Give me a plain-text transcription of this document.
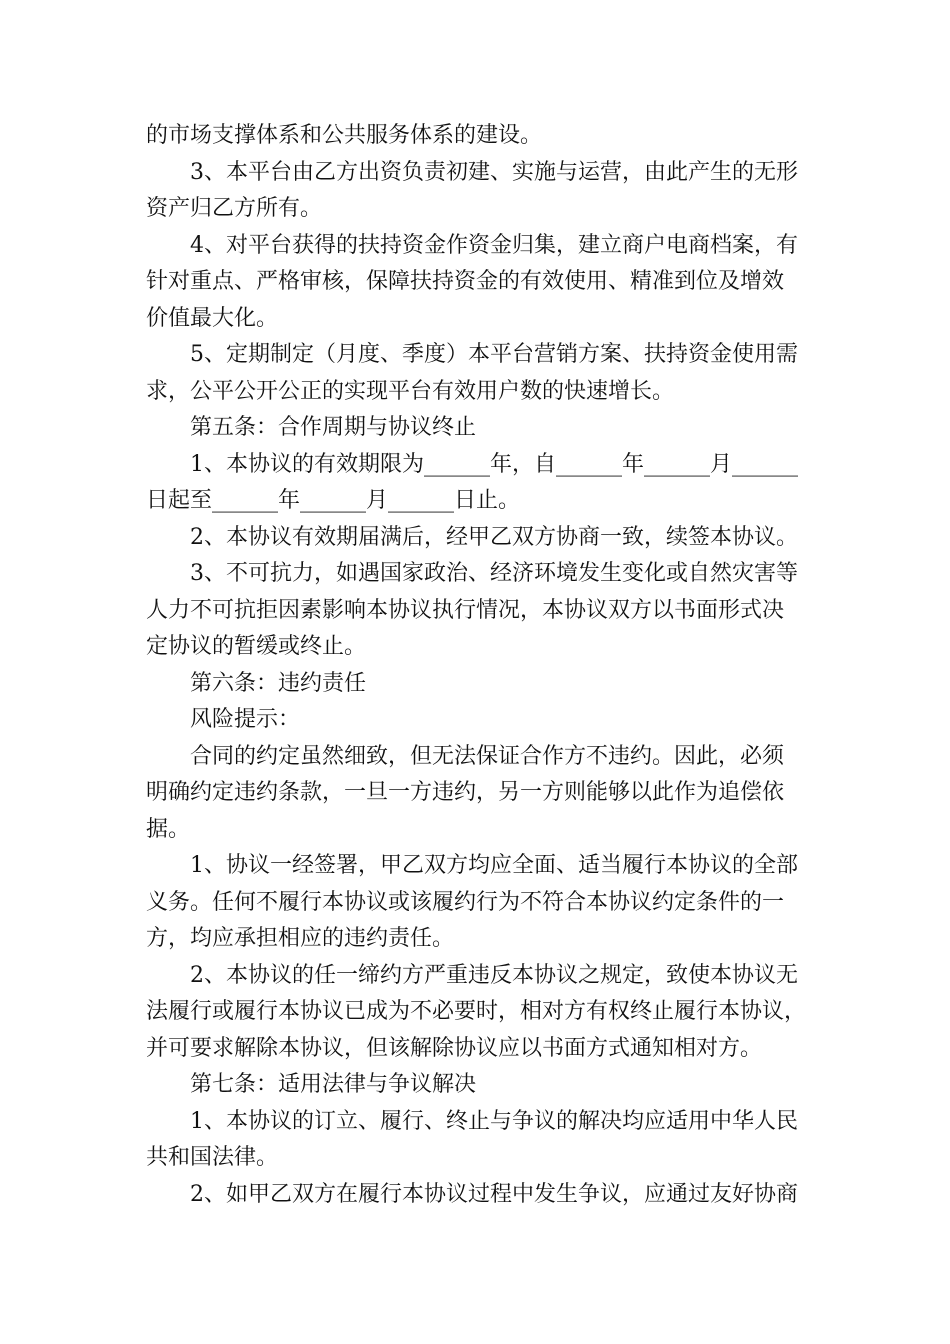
的市场支撑体系和公共服务体系的建设。
3、本平台由乙方出资负责初建、实施与运营，由此产生的无形
资产归乙方所有。
4、对平台获得的扶持资金作资金归集，建立商户电商档案，有
针对重点、严格审核，保障扶持资金的有效使用、精准到位及增效
价值最大化。
5、定期制定（月度、季度）本平台营销方案、扶持资金使用需
求，公平公开公正的实现平台有效用户数的快速增长。
第五条：合作周期与协议终止
1、本协议的有效期限为______年，自______年______月______
日起至______年______月______日止。
2、本协议有效期届满后，经甲乙双方协商一致，续签本协议。
3、不可抗力，如遇国家政治、经济环境发生变化或自然灾害等
人力不可抗拒因素影响本协议执行情况，本协议双方以书面形式决
定协议的暂缓或终止。
第六条：违约责任
风险提示：
合同的约定虽然细致，但无法保证合作方不违约。因此，必须
明确约定违约条款，一旦一方违约，另一方则能够以此作为追偿依
据。
1、协议一经签署，甲乙双方均应全面、适当履行本协议的全部
义务。任何不履行本协议或该履约行为不符合本协议约定条件的一
方，均应承担相应的违约责任。
2、本协议的任一缔约方严重违反本协议之规定，致使本协议无
法履行或履行本协议已成为不必要时，相对方有权终止履行本协议，
并可要求解除本协议，但该解除协议应以书面方式通知相对方。
第七条：适用法律与争议解决
1、本协议的订立、履行、终止与争议的解决均应适用中华人民
共和国法律。
2、如甲乙双方在履行本协议过程中发生争议，应通过友好协商
